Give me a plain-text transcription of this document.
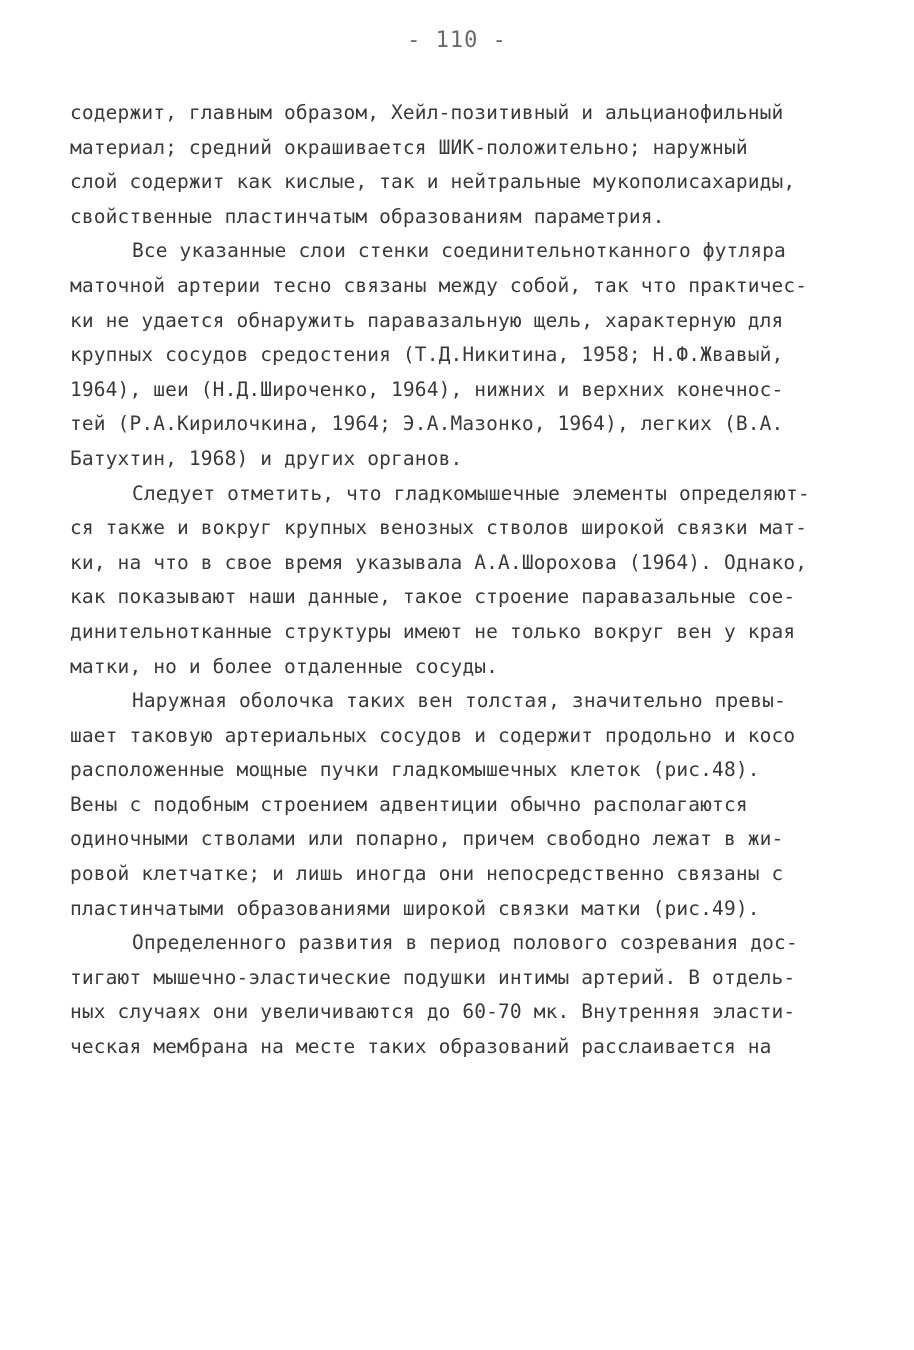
- 110 -
содержит, главным образом, Хейл-позитивный и альцианофильный
материал; средний окрашивается ШИК-положительно; наружный
слой содержит как кислые, так и нейтральные мукополисахариды,
свойственные пластинчатым образованиям параметрия.
Все указанные слои стенки соединительнотканного футляра
маточной артерии тесно связаны между собой, так что практичес-
ки не удается обнаружить паравазальную щель, характерную для
крупных сосудов средостения (Т.Д.Никитина, 1958; Н.Ф.Жвавый,
1964), шеи (Н.Д.Широченко, 1964), нижних и верхних конечнос-
тей (Р.А.Кирилочкина, 1964; Э.А.Мазонко, 1964), легких (В.А.
Батухтин, 1968) и других органов.
Следует отметить, что гладкомышечные элементы определяют-
ся также и вокруг крупных венозных стволов широкой связки мат-
ки, на что в свое время указывала А.А.Шорохова (1964). Однако,
как показывают наши данные, такое строение паравазальные сое-
динительнотканные структуры имеют не только вокруг вен у края
матки, но и более отдаленные сосуды.
Наружная оболочка таких вен толстая, значительно превы-
шает таковую артериальных сосудов и содержит продольно и косо
расположенные мощные пучки гладкомышечных клеток (рис.48).
Вены с подобным строением адвентиции обычно располагаются
одиночными стволами или попарно, причем свободно лежат в жи-
ровой клетчатке; и лишь иногда они непосредственно связаны с
пластинчатыми образованиями широкой связки матки (рис.49).
Определенного развития в период полового созревания дос-
тигают мышечно-эластические подушки интимы артерий. В отдель-
ных случаях они увеличиваются до 60-70 мк. Внутренняя эласти-
ческая мембрана на месте таких образований расслаивается на
